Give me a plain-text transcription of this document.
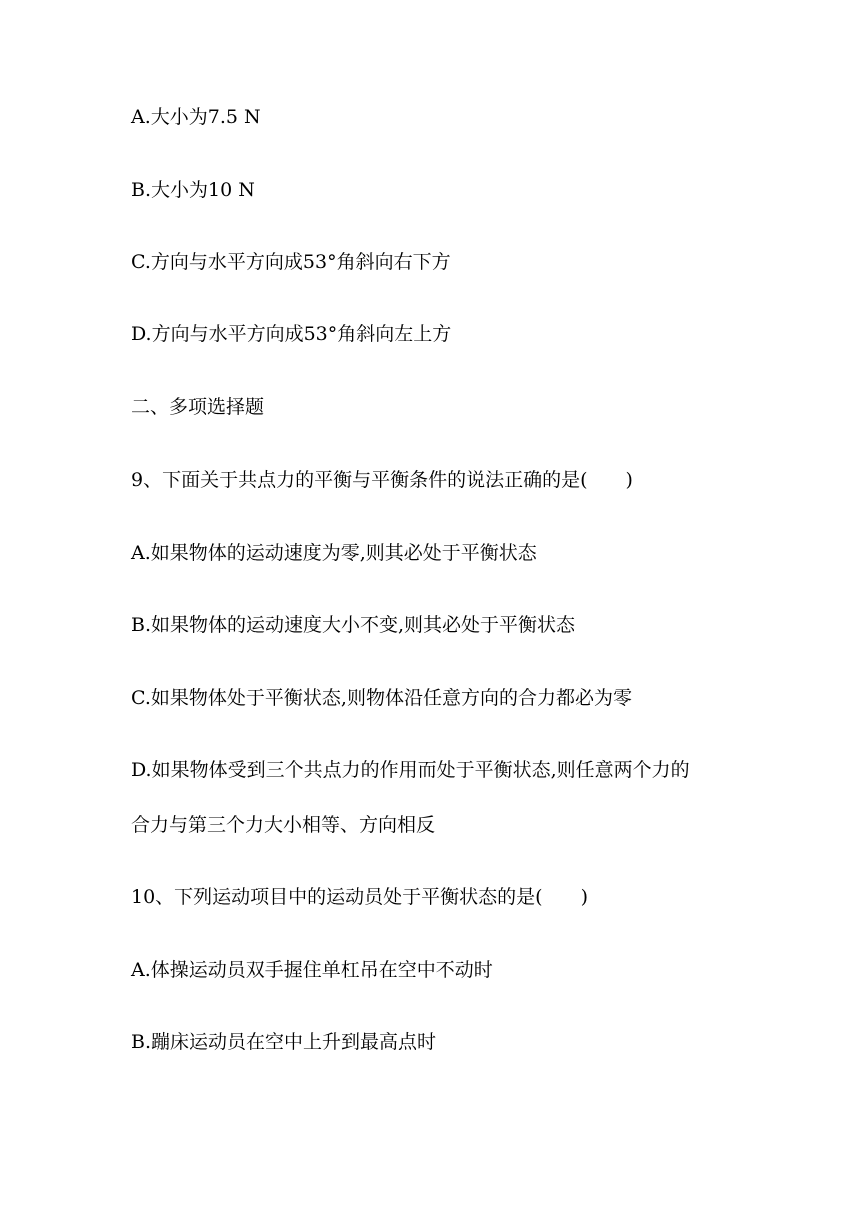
A.大小为7.5 N
B.大小为10 N
C.方向与水平方向成53°角斜向右下方
D.方向与水平方向成53°角斜向左上方
二、多项选择题
9、下面关于共点力的平衡与平衡条件的说法正确的是(　　)
A.如果物体的运动速度为零,则其必处于平衡状态
B.如果物体的运动速度大小不变,则其必处于平衡状态
C.如果物体处于平衡状态,则物体沿任意方向的合力都必为零
D.如果物体受到三个共点力的作用而处于平衡状态,则任意两个力的
合力与第三个力大小相等、方向相反
10、下列运动项目中的运动员处于平衡状态的是(　　)
A.体操运动员双手握住单杠吊在空中不动时
B.蹦床运动员在空中上升到最高点时
